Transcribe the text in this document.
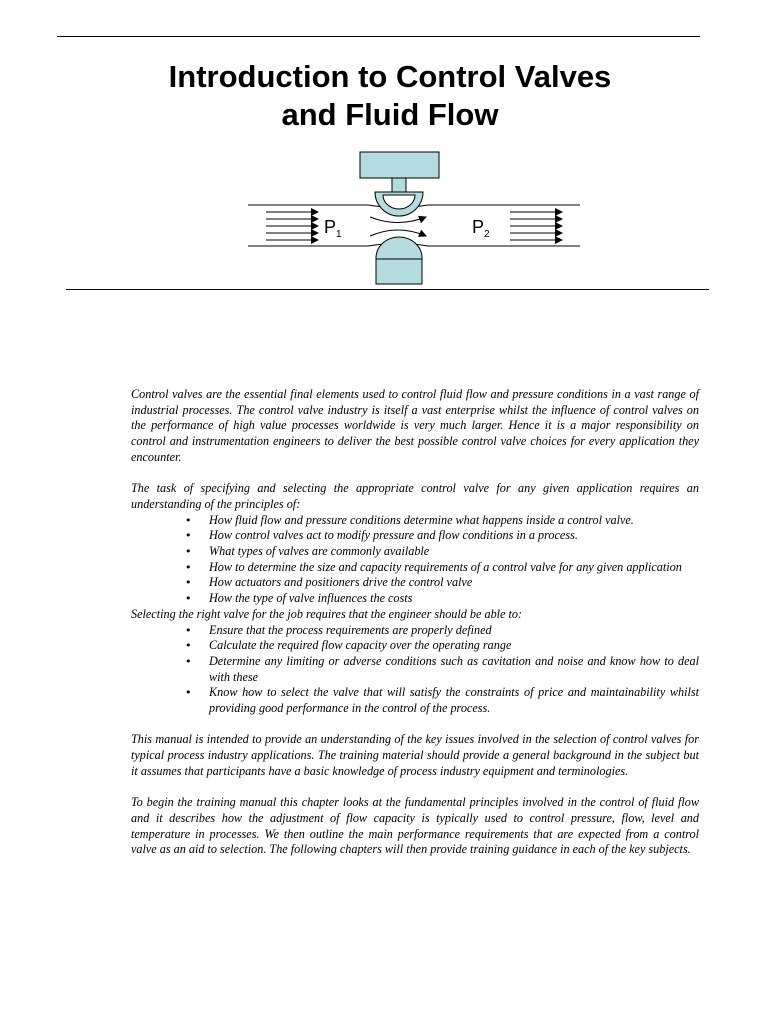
Introduction to Control Valves
and Fluid Flow
$P_1$	$P_2$

Control valves are the essential final elements used to control fluid flow and pressure conditions in a vast range of industrial processes. The control valve industry is itself a vast enterprise whilst the influence of control valves on the performance of high value processes worldwide is very much larger. Hence it is a major responsibility on control and instrumentation engineers to deliver the best possible control valve choices for every application they encounter.

The task of specifying and selecting the appropriate control valve for any given application requires an understanding of the principles of:

• How fluid flow and pressure conditions determine what happens inside a control valve.
• How control valves act to modify pressure and flow conditions in a process.
• What types of valves are commonly available
• How to determine the size and capacity requirements of a control valve for any given application
• How actuators and positioners drive the control valve
• How the type of valve influences the costs

Selecting the right valve for the job requires that the engineer should be able to:

• Ensure that the process requirements are properly defined
• Calculate the required flow capacity over the operating range
• Determine any limiting or adverse conditions such as cavitation and noise and know how to deal with these
• Know how to select the valve that will satisfy the constraints of price and maintainability whilst providing good performance in the control of the process.

This manual is intended to provide an understanding of the key issues involved in the selection of control valves for typical process industry applications. The training material should provide a general background in the subject but it assumes that participants have a basic knowledge of process industry equipment and terminologies.

To begin the training manual this chapter looks at the fundamental principles involved in the control of fluid flow and it describes how the adjustment of flow capacity is typically used to control pressure, flow, level and temperature in processes. We then outline the main performance requirements that are expected from a control valve as an aid to selection. The following chapters will then provide training guidance in each of the key subjects.
